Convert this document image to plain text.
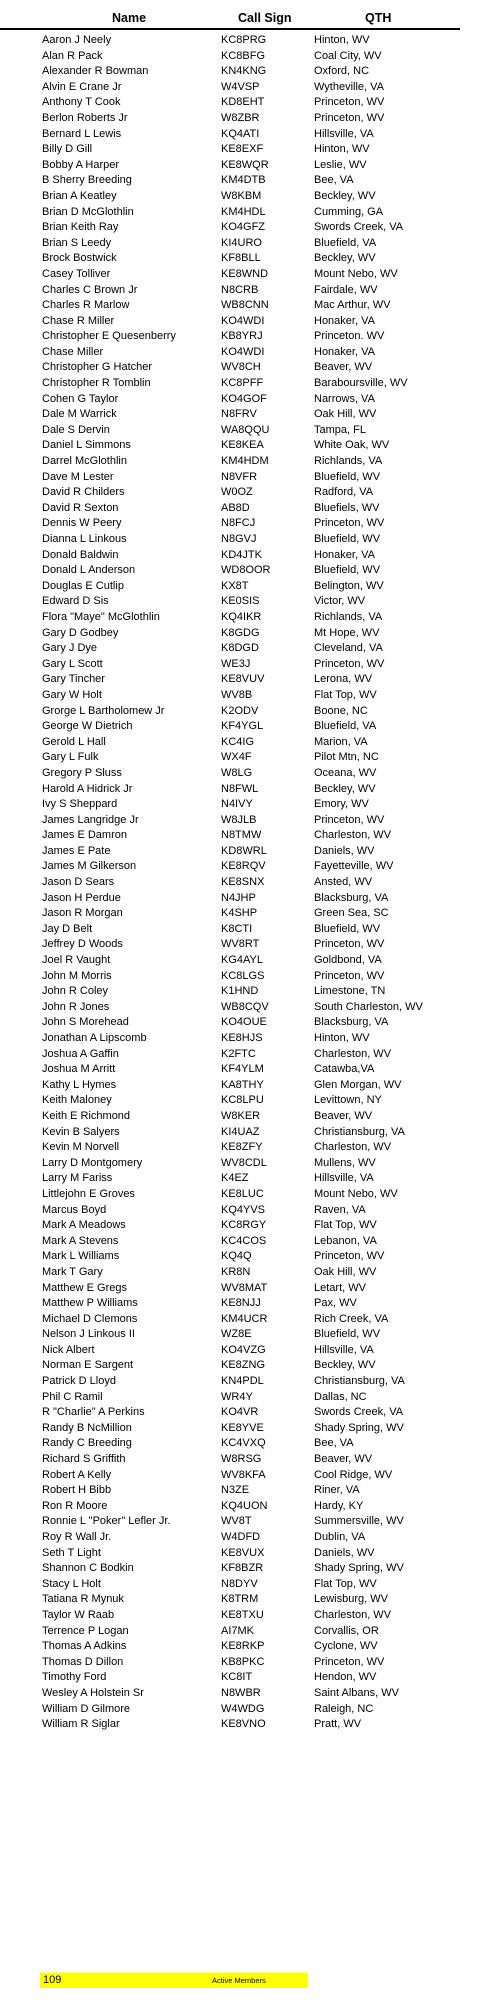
Name	Call Sign	QTH
Aaron J Neely	KC8PRG	Hinton, WV
Alan R Pack	KC8BFG	Coal City, WV
Alexander R Bowman	KN4KNG	Oxford, NC
Alvin E Crane Jr	W4VSP	Wytheville, VA
Anthony T Cook	KD8EHT	Princeton, WV
Berlon Roberts Jr	W8ZBR	Princeton, WV
Bernard L Lewis	KQ4ATI	Hillsville, VA
Billy D Gill	KE8EXF	Hinton, WV
Bobby A Harper	KE8WQR	Leslie, WV
B Sherry Breeding	KM4DTB	Bee, VA
Brian A Keatley	W8KBM	Beckley, WV
Brian D McGlothlin	KM4HDL	Cumming, GA
Brian Keith Ray	KO4GFZ	Swords Creek, VA
Brian S Leedy	KI4URO	Bluefield, VA
Brock Bostwick	KF8BLL	Beckley, WV
Casey Tolliver	KE8WND	Mount Nebo, WV
Charles C Brown Jr	N8CRB	Fairdale, WV
Charles R Marlow	WB8CNN	Mac Arthur, WV
Chase R Miller	KO4WDI	Honaker, VA
Christopher E Quesenberry	KB8YRJ	Princeton. WV
Chase Miller	KO4WDI	Honaker, VA
Christopher G Hatcher	WV8CH	Beaver, WV
Christopher R Tomblin	KC8PFF	Baraboursville, WV
Cohen G Taylor	KO4GOF	Narrows, VA
Dale M Warrick	N8FRV	Oak Hill, WV
Dale S Dervin	WA8QQU	Tampa, FL
Daniel L Simmons	KE8KEA	White Oak, WV
Darrel McGlothlin	KM4HDM	Richlands, VA
Dave M Lester	N8VFR	Bluefield, WV
David R Childers	W0OZ	Radford, VA
David R Sexton	AB8D	Bluefiels, WV
Dennis W Peery	N8FCJ	Princeton, WV
Dianna L Linkous	N8GVJ	Bluefield, WV
Donald Baldwin	KD4JTK	Honaker, VA
Donald L Anderson	WD8OOR	Bluefield, WV
Douglas E Cutlip	KX8T	Belington, WV
Edward D Sis	KE0SIS	Victor, WV
Flora "Maye" McGlothlin	KQ4IKR	Richlands, VA
Gary D Godbey	K8GDG	Mt Hope, WV
Gary J Dye	K8DGD	Cleveland, VA
Gary L Scott	WE3J	Princeton, WV
Gary Tincher	KE8VUV	Lerona, WV
Gary W Holt	WV8B	Flat Top, WV
Grorge L Bartholomew Jr	K2ODV	Boone, NC
George W Dietrich	KF4YGL	Bluefield, VA
Gerold L Hall	KC4IG	Marion, VA
Gary L Fulk	WX4F	Pilot Mtn, NC
Gregory P Sluss	W8LG	Oceana, WV
Harold A Hidrick Jr	N8FWL	Beckley, WV
Ivy S Sheppard	N4IVY	Emory, WV
James Langridge Jr	W8JLB	Princeton, WV
James E Damron	N8TMW	Charleston, WV
James E Pate	KD8WRL	Daniels, WV
James M Gilkerson	KE8RQV	Fayetteville, WV
Jason D Sears	KE8SNX	Ansted, WV
Jason H Perdue	N4JHP	Blacksburg, VA
Jason R Morgan	K4SHP	Green Sea, SC
Jay D Belt	K8CTI	Bluefield, WV
Jeffrey D Woods	WV8RT	Princeton, WV
Joel R Vaught	KG4AYL	Goldbond, VA
John M Morris	KC8LGS	Princeton, WV
John R Coley	K1HND	Limestone, TN
John R Jones	WB8CQV	South Charleston, WV
John S Morehead	KO4OUE	Blacksburg, VA
Jonathan A Lipscomb	KE8HJS	Hinton, WV
Joshua A Gaffin	K2FTC	Charleston, WV
Joshua M Arritt	KF4YLM	Catawba,VA
Kathy L Hymes	KA8THY	Glen Morgan, WV
Keith Maloney	KC8LPU	Levittown, NY
Keith E Richmond	W8KER	Beaver, WV
Kevin B Salyers	KI4UAZ	Christiansburg, VA
Kevin M Norvell	KE8ZFY	Charleston, WV
Larry D Montgomery	WV8CDL	Mullens, WV
Larry M Fariss	K4EZ	Hillsville, VA
Littlejohn E Groves	KE8LUC	Mount Nebo, WV
Marcus Boyd	KQ4YVS	Raven, VA
Mark A Meadows	KC8RGY	Flat Top, WV
Mark A Stevens	KC4COS	Lebanon, VA
Mark L Williams	KQ4Q	Princeton, WV
Mark T Gary	KR8N	Oak Hill, WV
Matthew E Gregs	WV8MAT	Letart, WV
Matthew P Williams	KE8NJJ	Pax, WV
Michael D Clemons	KM4UCR	Rich Creek, VA
Nelson J Linkous II	WZ8E	Bluefield, WV
Nick Albert	KO4VZG	Hillsville, VA
Norman E Sargent	KE8ZNG	Beckley, WV
Patrick D Lloyd	KN4PDL	Christiansburg, VA
Phil C Ramil	WR4Y	Dallas, NC
R "Charlie" A Perkins	KO4VR	Swords Creek, VA
Randy B NcMillion	KE8YVE	Shady Spring, WV
Randy C Breeding	KC4VXQ	Bee, VA
Richard S Griffith	W8RSG	Beaver, WV
Robert A Kelly	WV8KFA	Cool Ridge, WV
Robert H Bibb	N3ZE	Riner, VA
Ron R Moore	KQ4UON	Hardy, KY
Ronnie L "Poker" Lefler Jr.	WV8T	Summersville, WV
Roy R Wall Jr.	W4DFD	Dublin, VA
Seth T Light	KE8VUX	Daniels, WV
Shannon C Bodkin	KF8BZR	Shady Spring, WV
Stacy L Holt	N8DYV	Flat Top, WV
Tatiana R Mynuk	K8TRM	Lewisburg, WV
Taylor W Raab	KE8TXU	Charleston, WV
Terrence P Logan	AI7MK	Corvallis, OR
Thomas A Adkins	KE8RKP	Cyclone, WV
Thomas D Dillon	KB8PKC	Princeton, WV
Timothy Ford	KC8IT	Hendon, WV
Wesley A Holstein Sr	N8WBR	Saint Albans, WV
William D Gilmore	W4WDG	Raleigh, NC
William R Siglar	KE8VNO	Pratt, WV
109	Active Members
